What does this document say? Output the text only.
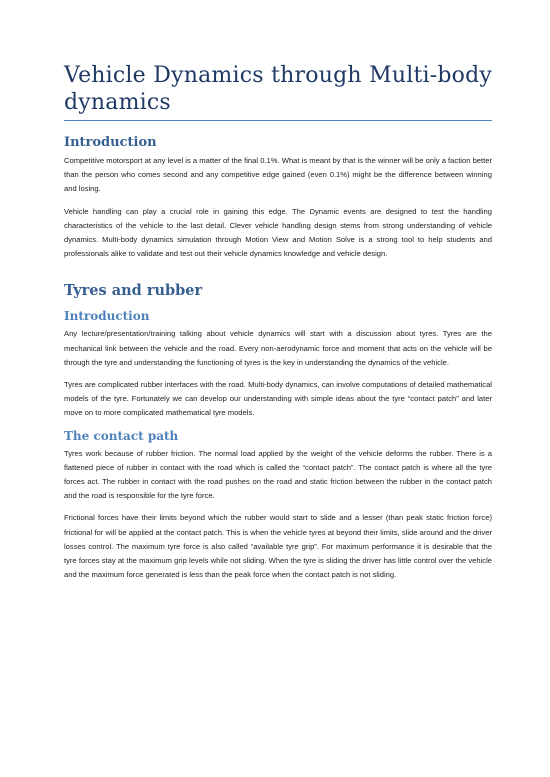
Vehicle Dynamics through Multi-body dynamics
Introduction

Competitive motorsport at any level is a matter of the final 0.1%. What is meant by that is the winner will be only a faction better than the person who comes second and any competitive edge gained (even 0.1%) might be the difference between winning and losing.

Vehicle handling can play a crucial role in gaining this edge. The Dynamic events are designed to test the handling characteristics of the vehicle to the last detail. Clever vehicle handling design stems from strong understanding of vehicle dynamics. Multi-body dynamics simulation through Motion View and Motion Solve is a strong tool to help students and professionals alike to validate and test out their vehicle dynamics knowledge and vehicle design.

Tyres and rubber
Introduction

Any lecture/presentation/training talking about vehicle dynamics will start with a discussion about tyres. Tyres are the mechanical link between the vehicle and the road. Every non-aerodynamic force and moment that acts on the vehicle will be through the tyre and understanding the functioning of tyres is the key in understanding the dynamics of the vehicle.

Tyres are complicated rubber interfaces with the road. Multi-body dynamics, can involve computations of detailed mathematical models of the tyre. Fortunately we can develop our understanding with simple ideas about the tyre “contact patch” and later move on to more complicated mathematical tyre models.

The contact path

Tyres work because of rubber friction. The normal load applied by the weight of the vehicle deforms the rubber. There is a flattened piece of rubber in contact with the road which is called the “contact patch”. The contact patch is where all the tyre forces act. The rubber in contact with the road pushes on the road and static friction between the rubber in the contact patch and the road is responsible for the tyre force.

Frictional forces have their limits beyond which the rubber would start to slide and a lesser (than peak static friction force) frictional for will be applied at the contact patch. This is when the vehicle tyres at beyond their limits, slide around and the driver losses control. The maximum tyre force is also called “available tyre grip”. For maximum performance it is desirable that the tyre forces stay at the maximum grip levels while not sliding. When the tyre is sliding the driver has little control over the vehicle and the maximum force generated is less than the peak force when the contact patch is not sliding.
